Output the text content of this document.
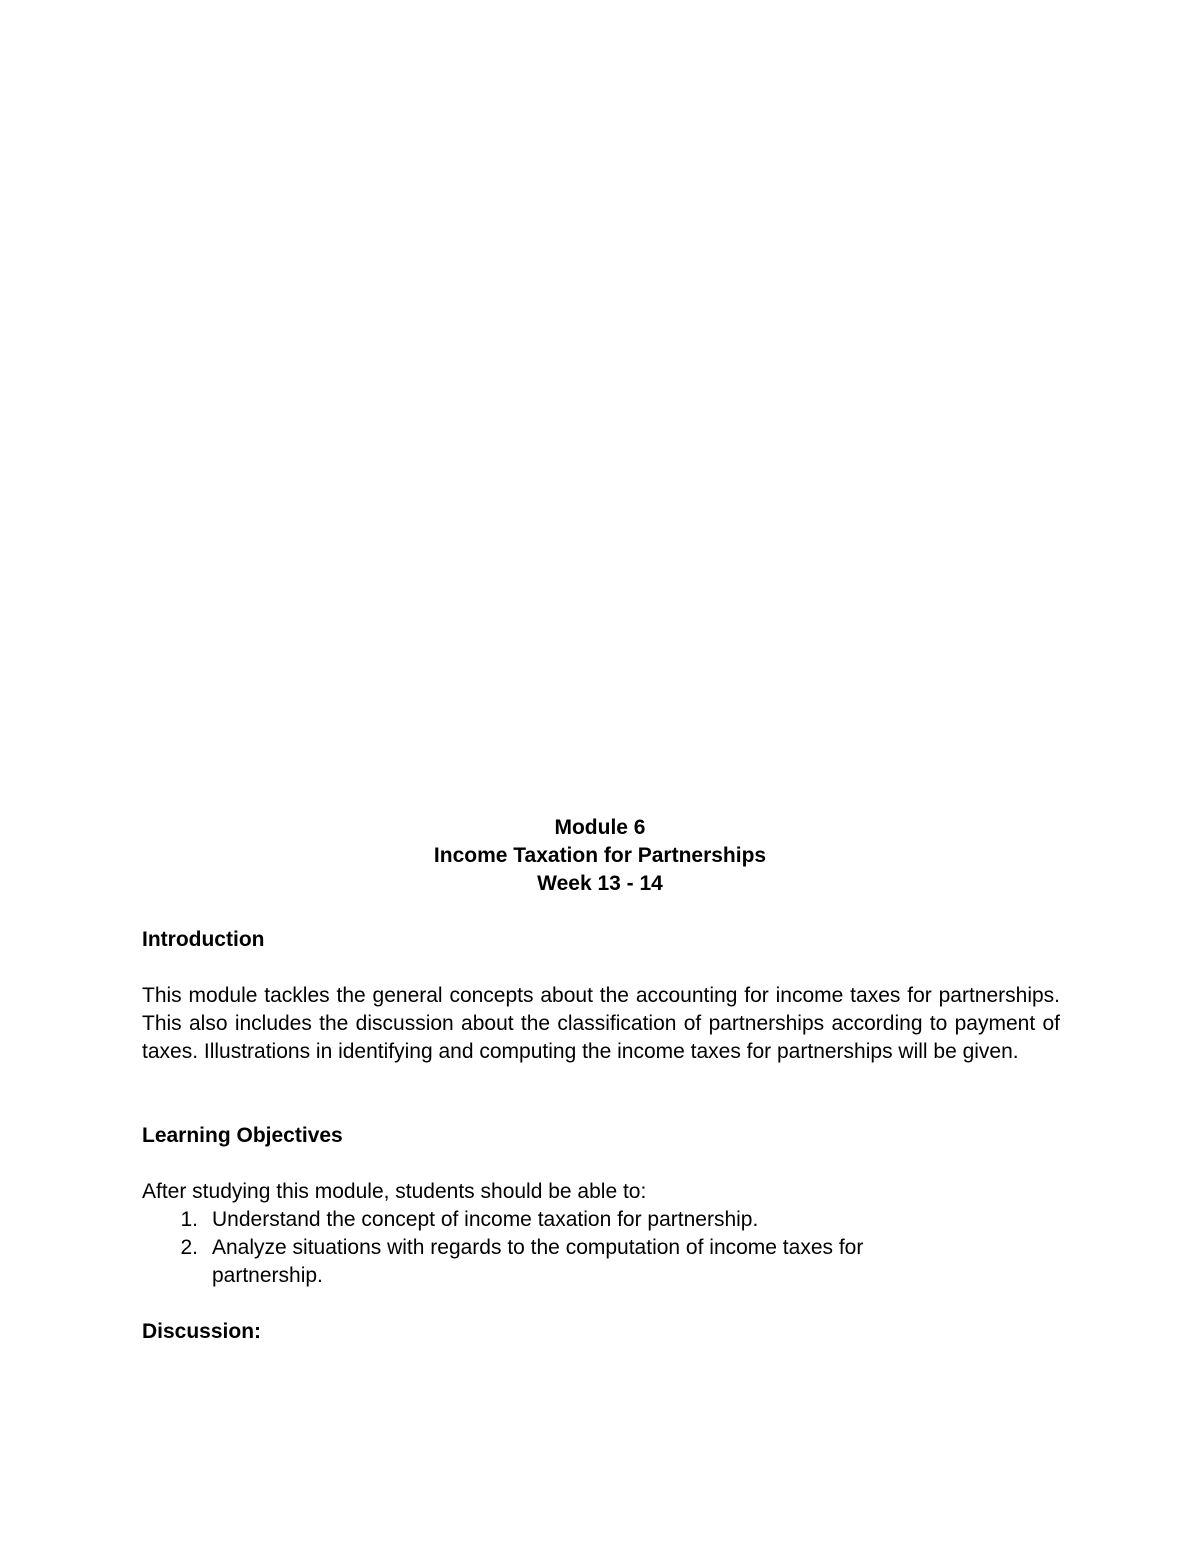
Module 6
Income Taxation for Partnerships
Week 13 - 14
Introduction

This module tackles the general concepts about the accounting for income taxes for partnerships. This also includes the discussion about the classification of partnerships according to payment of taxes. Illustrations in identifying and computing the income taxes for partnerships will be given.

Learning Objectives

After studying this module, students should be able to:

1. Understand the concept of income taxation for partnership.
2. Analyze situations with regards to the computation of income taxes for partnership.
Discussion:
